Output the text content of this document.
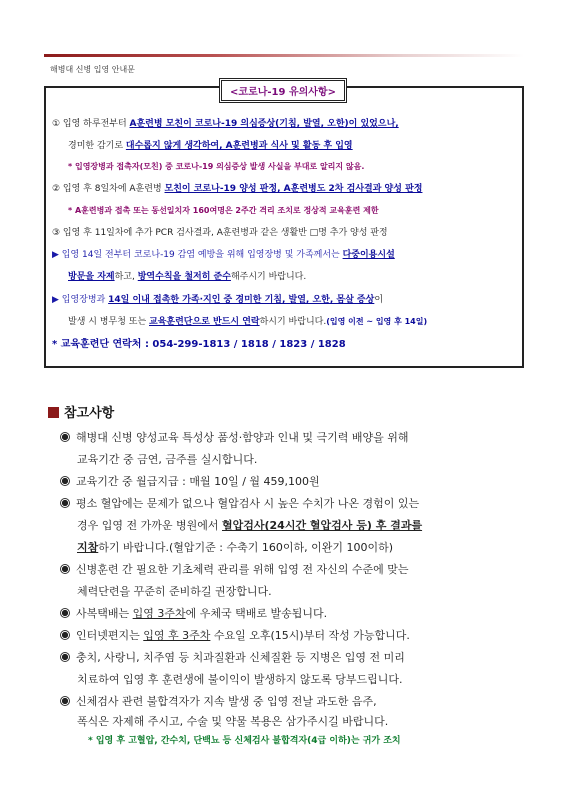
해병대 신병 입영 안내문
<코로나-19 유의사항>
① 입영 하루전부터 A훈련병 모친이 코로나-19 의심증상(기침, 발열, 오한)이 있었으나,
경미한 감기로 대수롭지 않게 생각하여, A훈련병과 식사 및 활동 후 입영
* 입영장병과 접촉자(모친) 중 코로나-19 의심증상 발생 사실을 부대로 알리지 않음.
② 입영 후 8일차에 A훈련병 모친이 코로나-19 양성 판정, A훈련병도 2차 검사결과 양성 판정
* A훈련병과 접촉 또는 동선일치자 160여명은 2주간 격리 조치로 정상적 교육훈련 제한
③ 입영 후 11일차에 추가 PCR 검사결과, A훈련병과 같은 생활반 □명 추가 양성 판정
▶ 입영 14일 전부터 코로나-19 감염 예방을 위해 입영장병 및 가족께서는 다중이용시설
방문을 자제하고, 방역수칙을 철저히 준수해주시기 바랍니다.
▶ 입영장병과 14일 이내 접촉한 가족·지인 중 경미한 기침, 발열, 오한, 몸살 증상이
발생 시 병무청 또는 교육훈련단으로 반드시 연락하시기 바랍니다.(입영 이전 ~ 입영 후 14일)
* 교육훈련단 연락처 : 054-299-1813 / 1818 / 1823 / 1828
참고사항
해병대 신병 양성교육 특성상 품성·함양과 인내 및 극기력 배양을 위해
교육기간 중 금연, 금주를 실시합니다.
교육기간 중 월급지급 : 매월 10일 / 월 459,100원
평소 혈압에는 문제가 없으나 혈압검사 시 높은 수치가 나온 경험이 있는
경우 입영 전 가까운 병원에서 혈압검사(24시간 혈압검사 등) 후 결과를
지참하기 바랍니다.(혈압기준 : 수축기 160이하, 이완기 100이하)
신병훈련 간 필요한 기초체력 관리를 위해 입영 전 자신의 수준에 맞는
체력단련을 꾸준히 준비하길 권장합니다.
사복택배는 입영 3주차에 우체국 택배로 발송됩니다.
인터넷편지는 입영 후 3주차 수요일 오후(15시)부터 작성 가능합니다.
충치, 사랑니, 치주염 등 치과질환과 신체질환 등 지병은 입영 전 미리
치료하여 입영 후 훈련생에 불이익이 발생하지 않도록 당부드립니다.
신체검사 관련 불합격자가 지속 발생 중 입영 전날 과도한 음주,
폭식은 자제해 주시고, 수술 및 약물 복용은 삼가주시길 바랍니다.
* 입영 후 고혈압, 간수치, 단백뇨 등 신체검사 불합격자(4급 이하)는 귀가 조치
